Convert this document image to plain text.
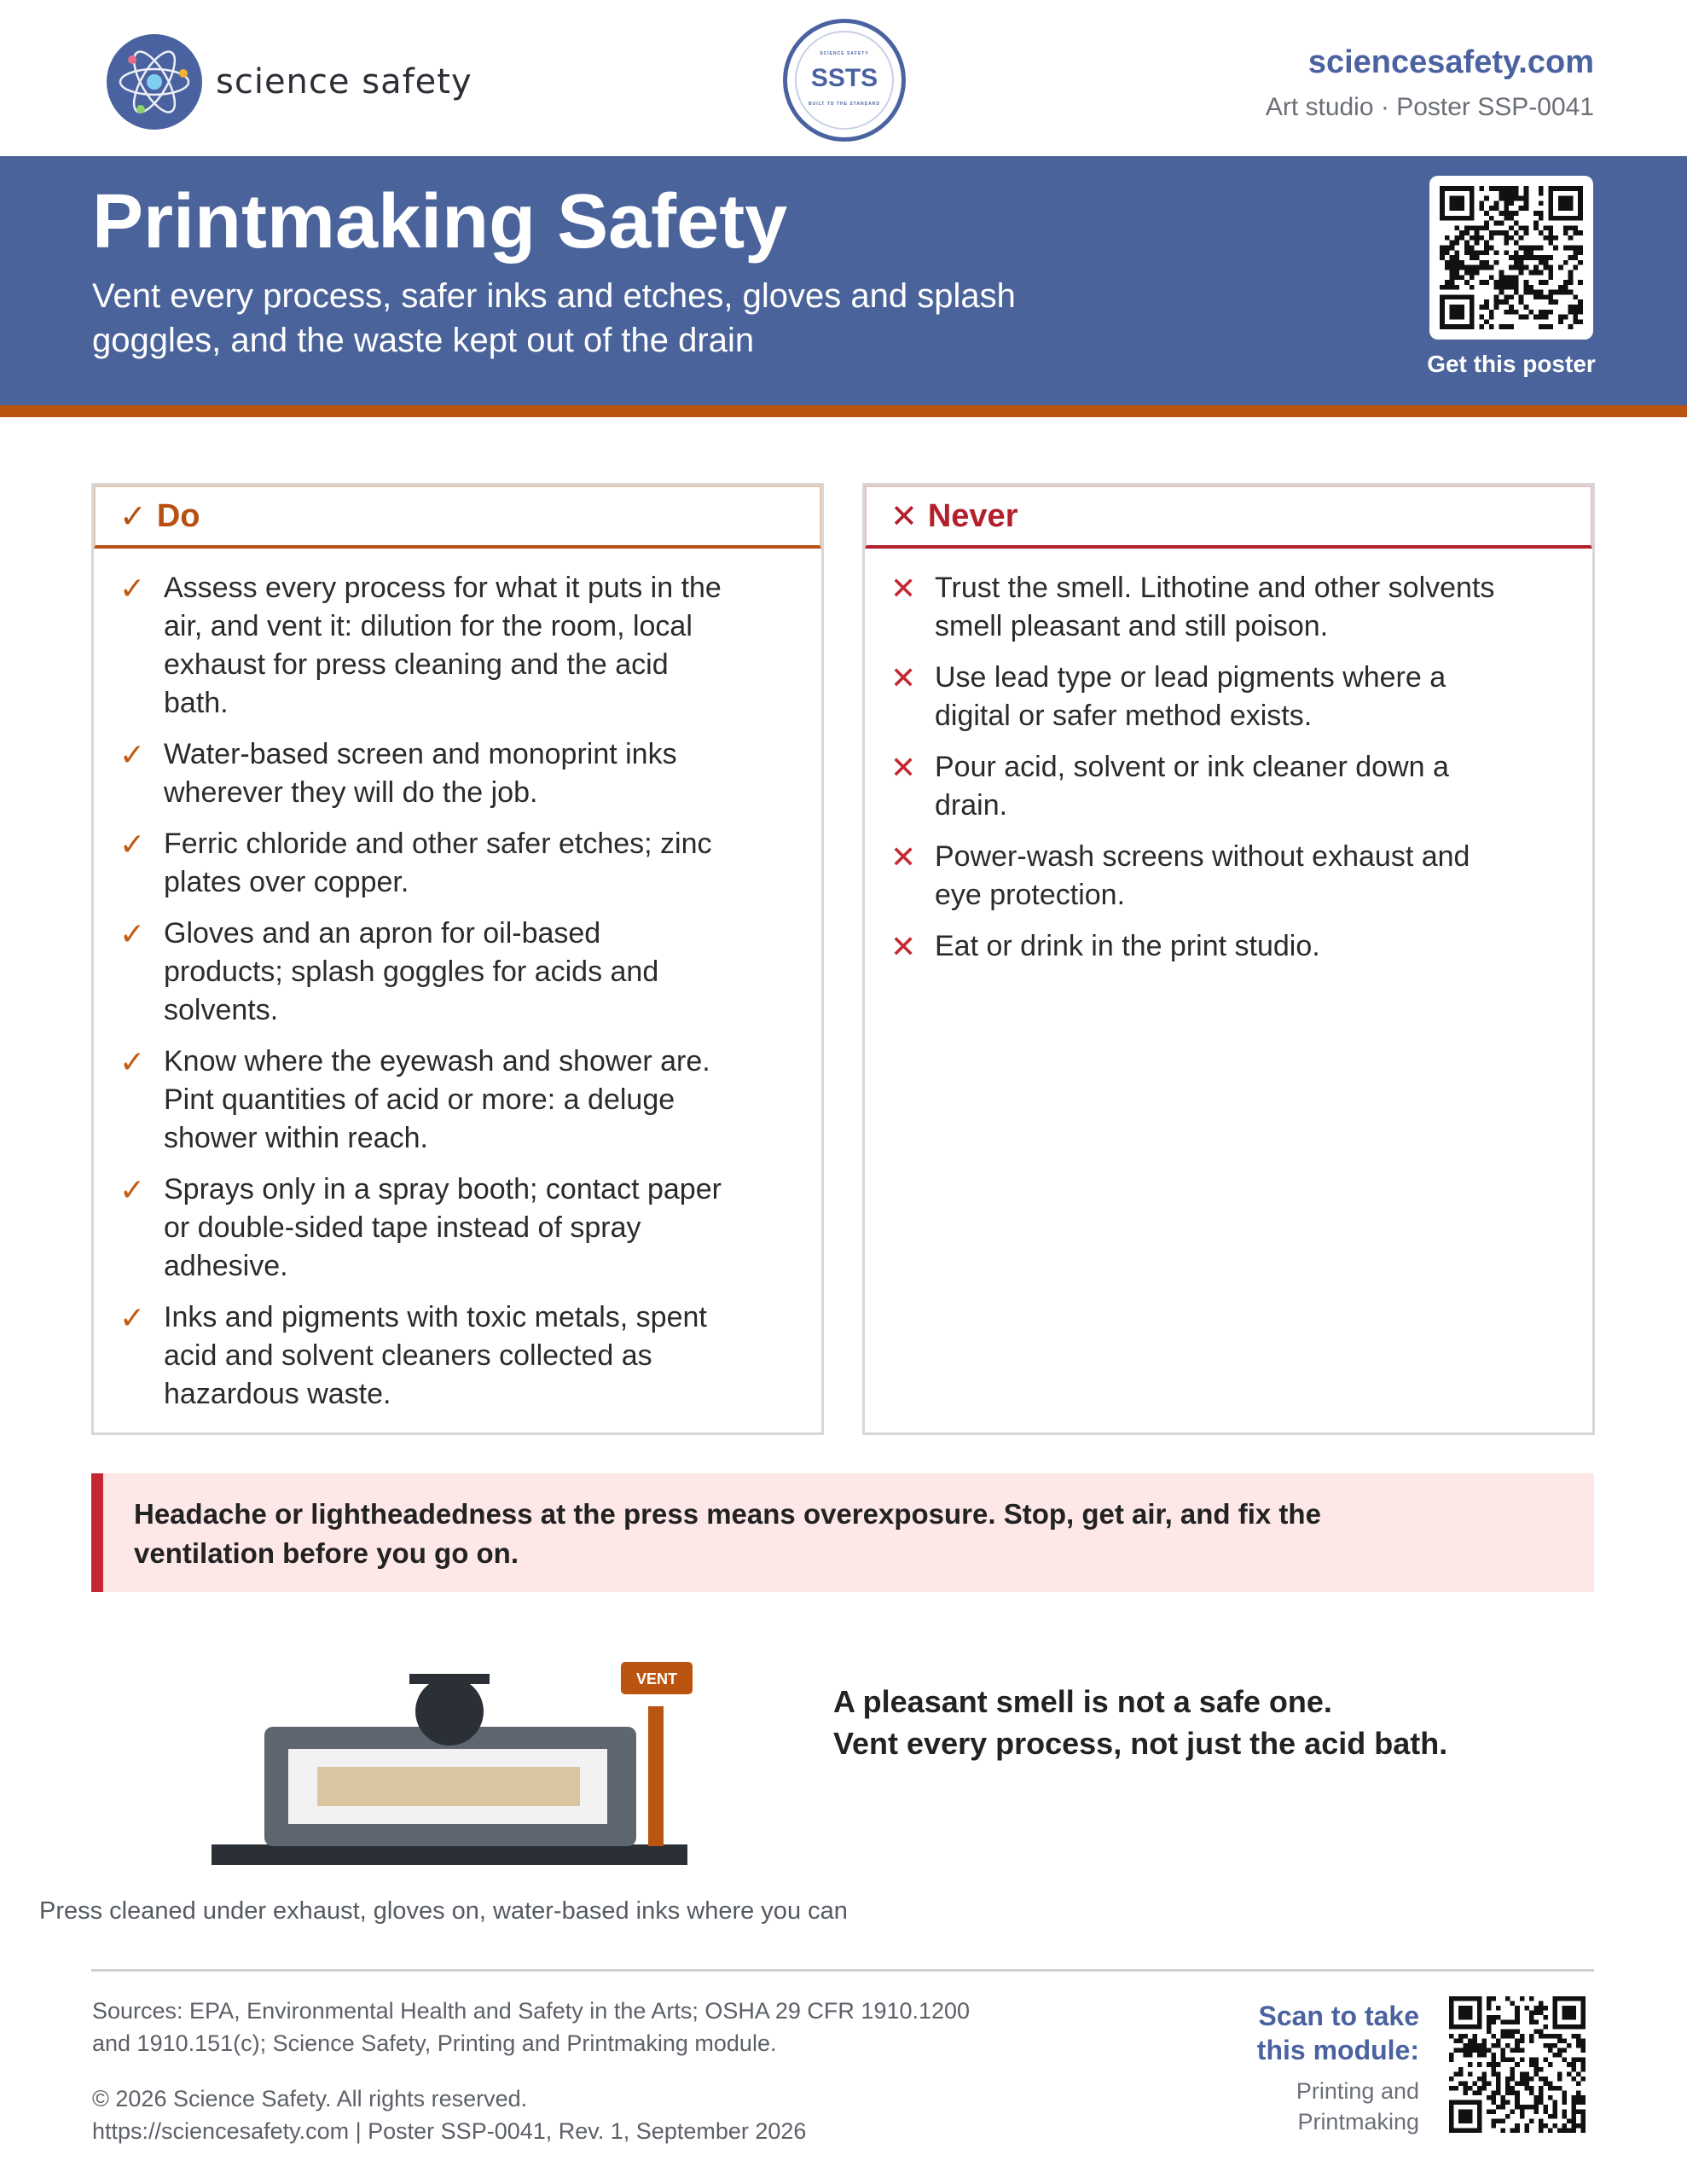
science safety
SCIENCE SAFETY
SSTS
BUILT TO THE STANDARD
sciencesafety.com
Art studio · Poster SSP-0041
Printmaking Safety

Vent every process, safer inks and etches, gloves and splash goggles, and the waste kept out of the drain

Get this poster
✓ Do
✓ Assess every process for what it puts in the air, and vent it: dilution for the room, local exhaust for press cleaning and the acid bath.
✓ Water-based screen and monoprint inks wherever they will do the job.
✓ Ferric chloride and other safer etches; zinc plates over copper.
✓ Gloves and an apron for oil-based products; splash goggles for acids and solvents.
✓ Know where the eyewash and shower are. Pint quantities of acid or more: a deluge shower within reach.
✓ Sprays only in a spray booth; contact paper or double-sided tape instead of spray adhesive.
✓ Inks and pigments with toxic metals, spent acid and solvent cleaners collected as hazardous waste.
✕ Never
✕ Trust the smell. Lithotine and other solvents smell pleasant and still poison.
✕ Use lead type or lead pigments where a digital or safer method exists.
✕ Pour acid, solvent or ink cleaner down a drain.
✕ Power-wash screens without exhaust and eye protection.
✕ Eat or drink in the print studio.

Headache or lightheadedness at the press means overexposure. Stop, get air, and fix the ventilation before you go on.

VENT
A pleasant smell is not a safe one.
Vent every process, not just the acid bath.
Press cleaned under exhaust, gloves on, water-based inks where you can

Sources: EPA, Environmental Health and Safety in the Arts; OSHA 29 CFR 1910.1200 and 1910.151(c); Science Safety, Printing and Printmaking module.

© 2026 Science Safety. All rights reserved.
https://sciencesafety.com | Poster SSP-0041, Rev. 1, September 2026
Scan to take
this module:
Printing and
Printmaking
